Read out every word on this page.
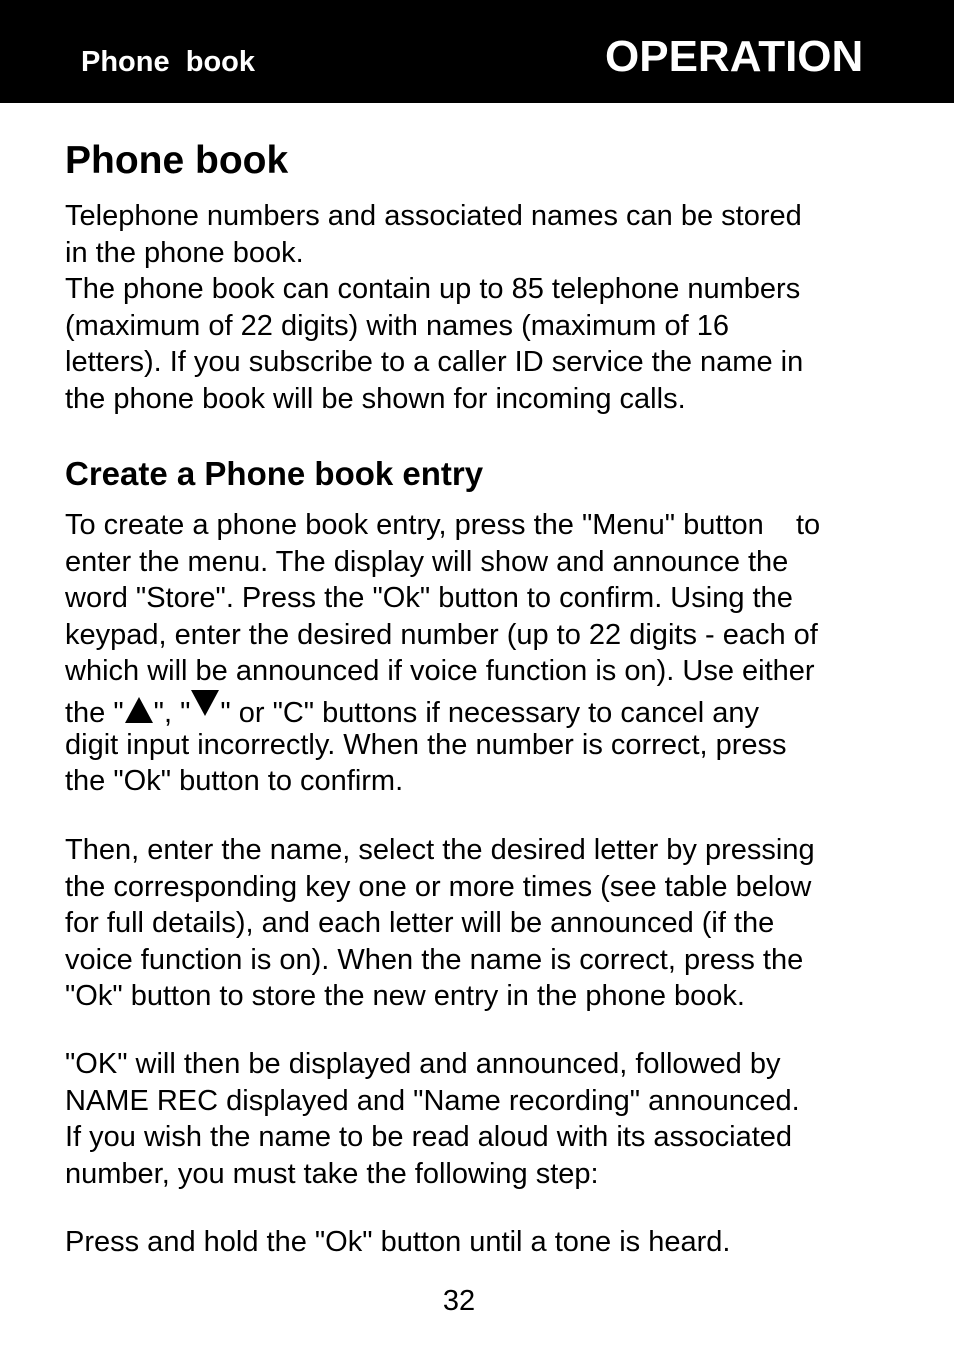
Phone  book	OPERATION
Phone book
Telephone numbers and associated names can be stored
in the phone book.
The phone book can contain up to 85 telephone numbers
(maximum of 22 digits) with names (maximum of 16
letters). If you subscribe to a caller ID service the name in
the phone book will be shown for incoming calls.
Create a Phone book entry
To create a phone book entry, press the "Menu" button    to
enter the menu. The display will show and announce the
word "Store". Press the "Ok" button to confirm. Using the
keypad, enter the desired number (up to 22 digits - each of
which will be announced if voice function is on). Use either
the " ", " " or "C" buttons if necessary to cancel any
digit input incorrectly. When the number is correct, press
the "Ok" button to confirm.
Then, enter the name, select the desired letter by pressing
the corresponding key one or more times (see table below
for full details), and each letter will be announced (if the
voice function is on). When the name is correct, press the
"Ok" button to store the new entry in the phone book.
"OK" will then be displayed and announced, followed by
NAME REC displayed and "Name recording" announced.
If you wish the name to be read aloud with its associated
number, you must take the following step:
Press and hold the "Ok" button until a tone is heard.
32
